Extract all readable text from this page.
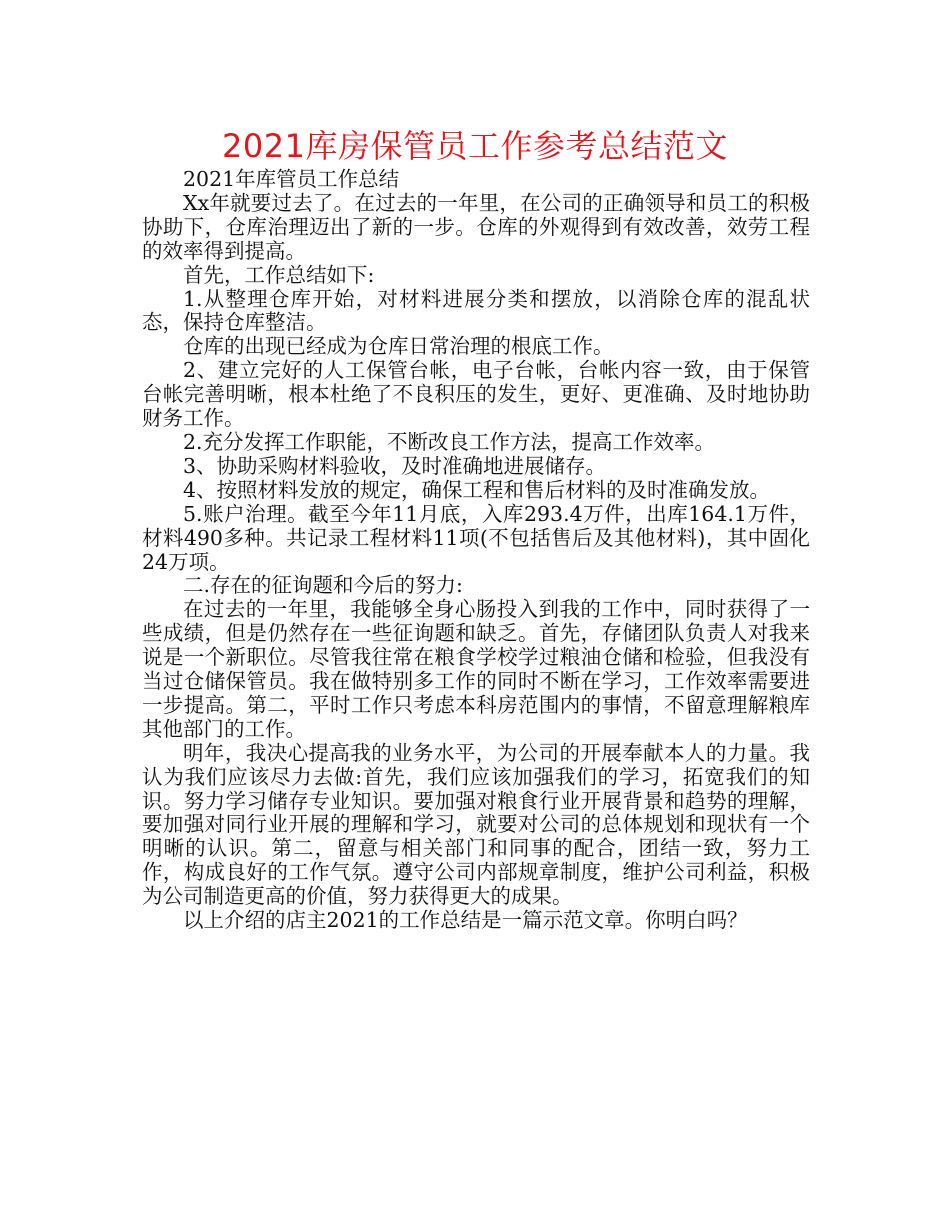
2021库房保管员工作参考总结范文

2021年库管员工作总结

Xx年就要过去了。在过去的一年里，在公司的正确领导和员工的积极协助下，仓库治理迈出了新的一步。仓库的外观得到有效改善，效劳工程的效率得到提高。

首先，工作总结如下:

1.从整理仓库开始，对材料进展分类和摆放，以消除仓库的混乱状态，保持仓库整洁。

仓库的出现已经成为仓库日常治理的根底工作。

2、建立完好的人工保管台帐，电子台帐，台帐内容一致，由于保管台帐完善明晰，根本杜绝了不良积压的发生，更好、更准确、及时地协助财务工作。

2.充分发挥工作职能，不断改良工作方法，提高工作效率。

3、协助采购材料验收，及时准确地进展储存。

4、按照材料发放的规定，确保工程和售后材料的及时准确发放。

5.账户治理。截至今年11月底，入库293.4万件，出库164.1万件，材料490多种。共记录工程材料11项(不包括售后及其他材料)，其中固化24万项。

二.存在的征询题和今后的努力:

在过去的一年里，我能够全身心肠投入到我的工作中，同时获得了一些成绩，但是仍然存在一些征询题和缺乏。首先，存储团队负责人对我来说是一个新职位。尽管我往常在粮食学校学过粮油仓储和检验，但我没有当过仓储保管员。我在做特别多工作的同时不断在学习，工作效率需要进一步提高。第二，平时工作只考虑本科房范围内的事情，不留意理解粮库其他部门的工作。

明年，我决心提高我的业务水平，为公司的开展奉献本人的力量。我认为我们应该尽力去做:首先，我们应该加强我们的学习，拓宽我们的知识。努力学习储存专业知识。要加强对粮食行业开展背景和趋势的理解，要加强对同行业开展的理解和学习，就要对公司的总体规划和现状有一个明晰的认识。第二，留意与相关部门和同事的配合，团结一致，努力工作，构成良好的工作气氛。遵守公司内部规章制度，维护公司利益，积极为公司制造更高的价值，努力获得更大的成果。

以上介绍的店主2021的工作总结是一篇示范文章。你明白吗？
